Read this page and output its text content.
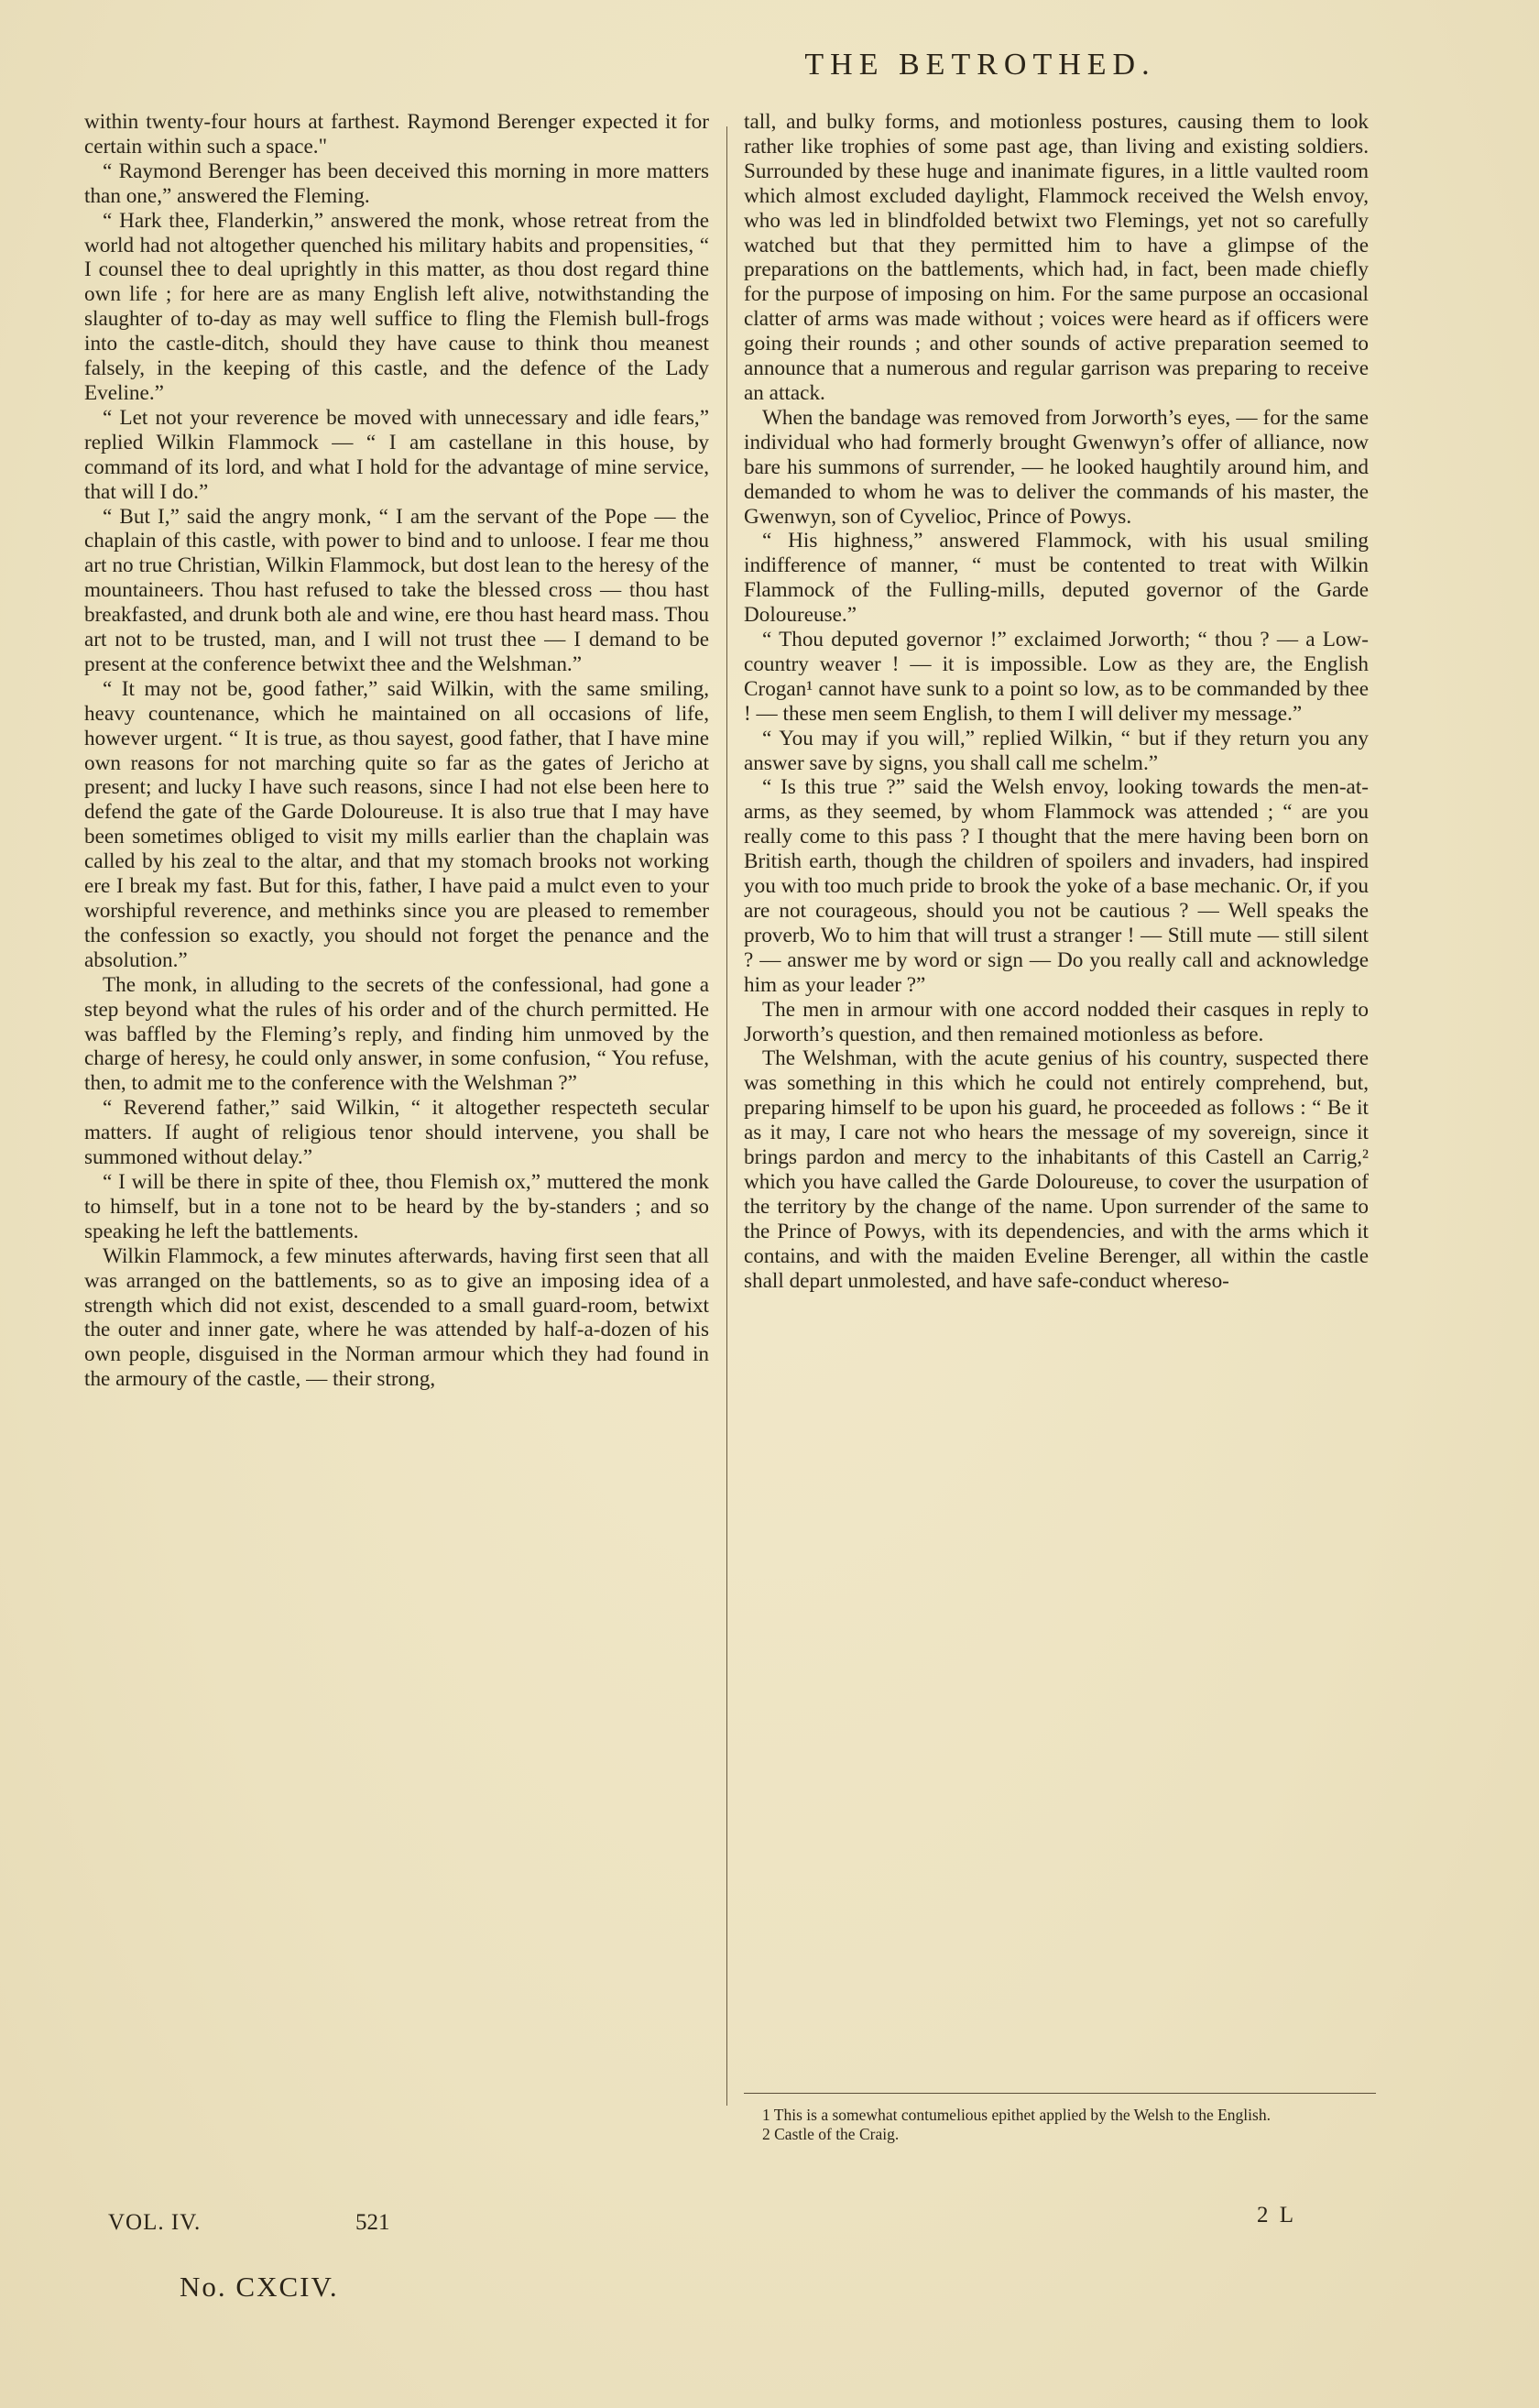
THE BETROTHED.

within twenty-four hours at farthest. Raymond Berenger expected it for certain within such a space."

“ Raymond Berenger has been deceived this morning in more matters than one,” answered the Fleming.

“ Hark thee, Flanderkin,” answered the monk, whose retreat from the world had not altogether quenched his military habits and propensities, “ I counsel thee to deal uprightly in this matter, as thou dost regard thine own life ; for here are as many English left alive, notwithstanding the slaughter of to-day as may well suffice to fling the Flemish bull-frogs into the castle-ditch, should they have cause to think thou meanest falsely, in the keeping of this castle, and the defence of the Lady Eveline.”

“ Let not your reverence be moved with unnecessary and idle fears,” replied Wilkin Flammock — “ I am castellane in this house, by command of its lord, and what I hold for the advantage of mine service, that will I do.”

“ But I,” said the angry monk, “ I am the servant of the Pope — the chaplain of this castle, with power to bind and to unloose. I fear me thou art no true Christian, Wilkin Flammock, but dost lean to the heresy of the mountaineers. Thou hast refused to take the blessed cross — thou hast breakfasted, and drunk both ale and wine, ere thou hast heard mass. Thou art not to be trusted, man, and I will not trust thee — I demand to be present at the conference betwixt thee and the Welshman.”

“ It may not be, good father,” said Wilkin, with the same smiling, heavy countenance, which he maintained on all occasions of life, however urgent. “ It is true, as thou sayest, good father, that I have mine own reasons for not marching quite so far as the gates of Jericho at present; and lucky I have such reasons, since I had not else been here to defend the gate of the Garde Doloureuse. It is also true that I may have been sometimes obliged to visit my mills earlier than the chaplain was called by his zeal to the altar, and that my stomach brooks not working ere I break my fast. But for this, father, I have paid a mulct even to your worshipful reverence, and methinks since you are pleased to remember the confession so exactly, you should not forget the penance and the absolution.”

The monk, in alluding to the secrets of the confessional, had gone a step beyond what the rules of his order and of the church permitted. He was baffled by the Fleming’s reply, and finding him unmoved by the charge of heresy, he could only answer, in some confusion, “ You refuse, then, to admit me to the conference with the Welshman ?”

“ Reverend father,” said Wilkin, “ it altogether respecteth secular matters. If aught of religious tenor should intervene, you shall be summoned without delay.”

“ I will be there in spite of thee, thou Flemish ox,” muttered the monk to himself, but in a tone not to be heard by the by-standers ; and so speaking he left the battlements.

Wilkin Flammock, a few minutes afterwards, having first seen that all was arranged on the battlements, so as to give an imposing idea of a strength which did not exist, descended to a small guard-room, betwixt the outer and inner gate, where he was attended by half-a-dozen of his own people, disguised in the Norman armour which they had found in the armoury of the castle, — their strong,

tall, and bulky forms, and motionless postures, causing them to look rather like trophies of some past age, than living and existing soldiers. Surrounded by these huge and inanimate figures, in a little vaulted room which almost excluded daylight, Flammock received the Welsh envoy, who was led in blindfolded betwixt two Flemings, yet not so carefully watched but that they permitted him to have a glimpse of the preparations on the battlements, which had, in fact, been made chiefly for the purpose of imposing on him. For the same purpose an occasional clatter of arms was made without ; voices were heard as if officers were going their rounds ; and other sounds of active preparation seemed to announce that a numerous and regular garrison was preparing to receive an attack.

When the bandage was removed from Jorworth’s eyes, — for the same individual who had formerly brought Gwenwyn’s offer of alliance, now bare his summons of surrender, — he looked haughtily around him, and demanded to whom he was to deliver the commands of his master, the Gwenwyn, son of Cyvelioc, Prince of Powys.

“ His highness,” answered Flammock, with his usual smiling indifference of manner, “ must be contented to treat with Wilkin Flammock of the Fulling-mills, deputed governor of the Garde Doloureuse.”

“ Thou deputed governor !” exclaimed Jorworth; “ thou ? — a Low-country weaver ! — it is impossible. Low as they are, the English Crogan¹ cannot have sunk to a point so low, as to be commanded by thee ! — these men seem English, to them I will deliver my message.”

“ You may if you will,” replied Wilkin, “ but if they return you any answer save by signs, you shall call me schelm.”

“ Is this true ?” said the Welsh envoy, looking towards the men-at-arms, as they seemed, by whom Flammock was attended ; “ are you really come to this pass ? I thought that the mere having been born on British earth, though the children of spoilers and invaders, had inspired you with too much pride to brook the yoke of a base mechanic. Or, if you are not courageous, should you not be cautious ? — Well speaks the proverb, Wo to him that will trust a stranger ! — Still mute — still silent ? — answer me by word or sign — Do you really call and acknowledge him as your leader ?”

The men in armour with one accord nodded their casques in reply to Jorworth’s question, and then remained motionless as before.

The Welshman, with the acute genius of his country, suspected there was something in this which he could not entirely comprehend, but, preparing himself to be upon his guard, he proceeded as follows : “ Be it as it may, I care not who hears the message of my sovereign, since it brings pardon and mercy to the inhabitants of this Castell an Carrig,² which you have called the Garde Doloureuse, to cover the usurpation of the territory by the change of the name. Upon surrender of the same to the Prince of Powys, with its dependencies, and with the arms which it contains, and with the maiden Eveline Berenger, all within the castle shall depart unmolested, and have safe-conduct whereso-

1 This is a somewhat contumelious epithet applied by the Welsh to the English.
2 Castle of the Craig.
VOL. IV.	521	2 L
No. CXCIV.
